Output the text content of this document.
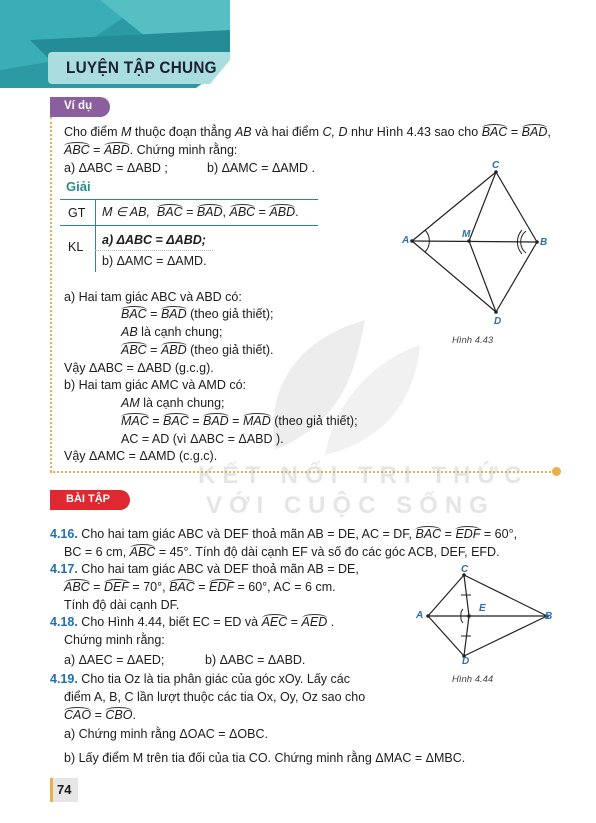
LUYỆN TẬP CHUNG
Ví dụ
Cho điểm M thuộc đoạn thẳng AB và hai điểm C, D như Hình 4.43 sao cho BAC = BAD,
ABC = ABD. Chứng minh rằng:
a) ΔABC = ΔABD ;	b) ΔAMC = ΔAMD .
Giải
GT M ∈ AB, BAC = BAD, ABC = ABD.
KL a) ΔABC = ΔABD;
b) ΔAMC = ΔAMD.
a) Hai tam giác ABC và ABD có:
BAC = BAD (theo giả thiết);
AB là cạnh chung;
ABC = ABD (theo giả thiết).
Vậy ΔABC = ΔABD (g.c.g).
b) Hai tam giác AMC và AMD có:
AM là cạnh chung;
MAC = BAC = BAD = MAD (theo giả thiết);
AC = AD (vì ΔABC = ΔABD ).
Vậy ΔAMC = ΔAMD (c.g.c).
A	B
C
D
M
Hình 4.43
KẾT NỐI TRI THỨC
VỚI CUỘC SỐNG
BÀI TẬP
4.16. Cho hai tam giác ABC và DEF thoả mãn AB = DE, AC = DF, BAC = EDF = 60°,
BC = 6 cm, ABC = 45°. Tính độ dài cạnh EF và số đo các góc ACB, DEF, EFD.
4.17. Cho hai tam giác ABC và DEF thoả mãn AB = DE,
ABC = DEF = 70°, BAC = EDF = 60°, AC = 6 cm.
Tính độ dài cạnh DF.
4.18. Cho Hình 4.44, biết EC = ED và AEC = AED .
Chứng minh rằng:
a) ΔAEC = ΔAED;	b) ΔABC = ΔABD.
A	B
C
D
E
Hình 4.44
4.19. Cho tia Oz là tia phân giác của góc xOy. Lấy các
điểm A, B, C lần lượt thuộc các tia Ox, Oy, Oz sao cho
CAO = CBO.
a) Chứng minh rằng ΔOAC = ΔOBC.
b) Lấy điểm M trên tia đối của tia CO. Chứng minh rằng ΔMAC = ΔMBC.
74
